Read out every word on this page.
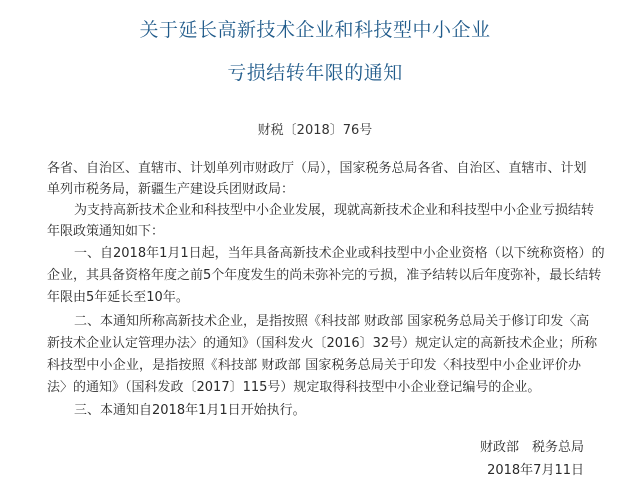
关于延长高新技术企业和科技型中小企业
亏损结转年限的通知
财税〔2018〕76号
各省、自治区、直辖市、计划单列市财政厅（局），国家税务总局各省、自治区、直辖市、计划
单列市税务局，新疆生产建设兵团财政局：
为支持高新技术企业和科技型中小企业发展，现就高新技术企业和科技型中小企业亏损结转
年限政策通知如下：
一、自2018年1月1日起，当年具备高新技术企业或科技型中小企业资格（以下统称资格）的
企业，其具备资格年度之前5个年度发生的尚未弥补完的亏损，准予结转以后年度弥补，最长结转
年限由5年延长至10年。
二、本通知所称高新技术企业，是指按照《科技部 财政部 国家税务总局关于修订印发〈高
新技术企业认定管理办法〉的通知》（国科发火〔2016〕32号）规定认定的高新技术企业；所称
科技型中小企业，是指按照《科技部 财政部 国家税务总局关于印发〈科技型中小企业评价办
法〉的通知》（国科发政〔2017〕115号）规定取得科技型中小企业登记编号的企业。
三、本通知自2018年1月1日开始执行。
财政部　税务总局
2018年7月11日
